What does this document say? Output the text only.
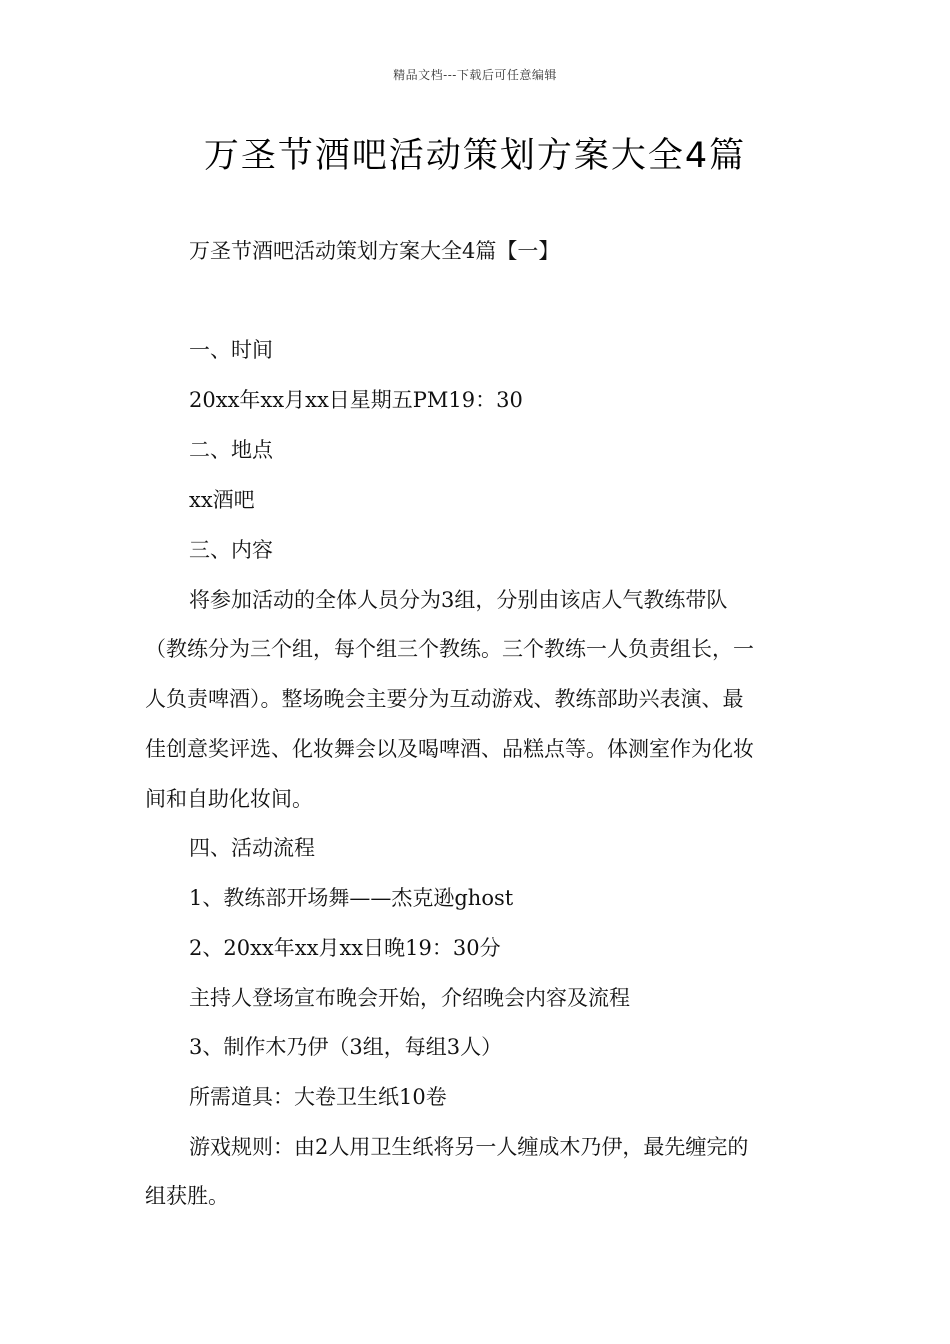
精品文档---下载后可任意编辑
万圣节酒吧活动策划方案大全4篇
万圣节酒吧活动策划方案大全4篇【一】
一、时间
20xx年xx月xx日星期五PM19：30
二、地点
xx酒吧
三、内容
将参加活动的全体人员分为3组，分别由该店人气教练带队
（教练分为三个组，每个组三个教练。三个教练一人负责组长，一
人负责啤酒）。整场晚会主要分为互动游戏、教练部助兴表演、最
佳创意奖评选、化妆舞会以及喝啤酒、品糕点等。体测室作为化妆
间和自助化妆间。
四、活动流程
1、教练部开场舞——杰克逊ghost
2、20xx年xx月xx日晚19：30分
主持人登场宣布晚会开始，介绍晚会内容及流程
3、制作木乃伊（3组，每组3人）
所需道具：大卷卫生纸10卷
游戏规则：由2人用卫生纸将另一人缠成木乃伊，最先缠完的
组获胜。
